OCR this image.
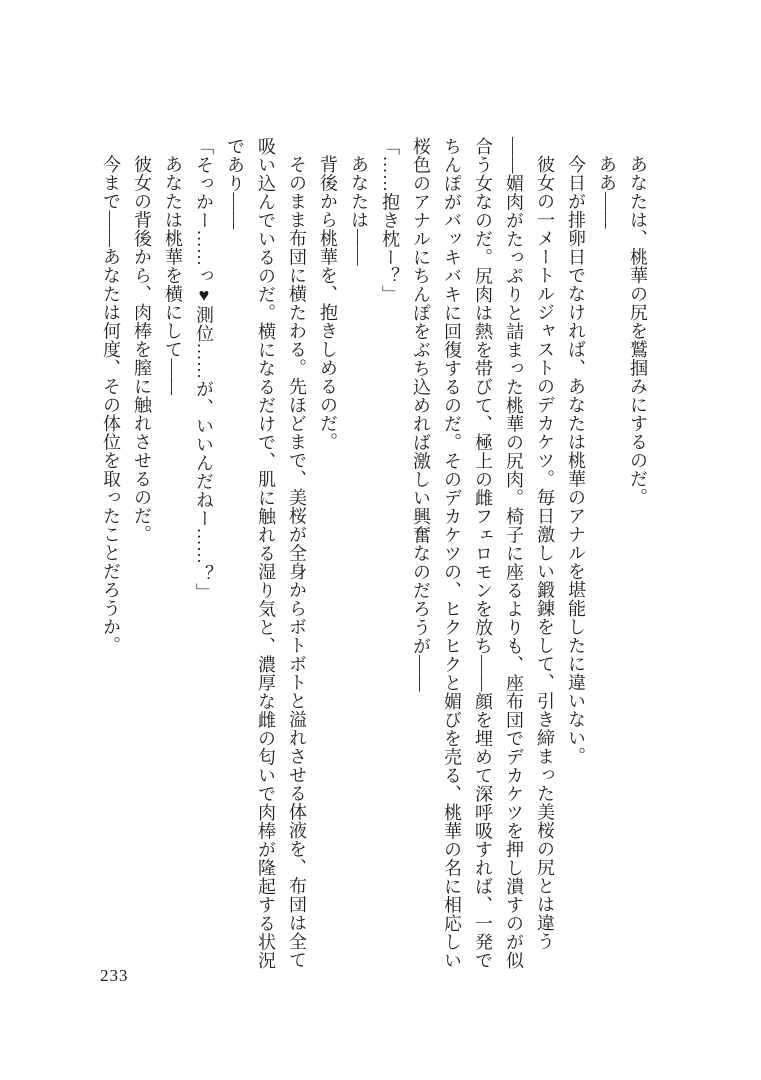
あなたは、桃華の尻を鷲掴みにするのだ。

ああ――

今日が排卵日でなければ、あなたは桃華のアナルを堪能したに違いない。

彼女の一メートルジャストのデカケツ。毎日激しい鍛錬をして、引き締まった美桜の尻とは違う――媚肉がたっぷりと詰まった桃華の尻肉。椅子に座るよりも、座布団でデカケツを押し潰すのが似合う女なのだ。尻肉は熱を帯びて、極上の雌フェロモンを放ち――顔を埋めて深呼吸すれば、一発でちんぽがバッキバキに回復するのだ。そのデカケツの、ヒクヒクと媚びを売る、桃華の名に相応しい桜色のアナルにちんぽをぶち込めれば激しい興奮なのだろうが――

「……抱き枕ー？」

あなたは――

背後から桃華を、抱きしめるのだ。

そのまま布団に横たわる。先ほどまで、美桜が全身からボトボトと溢れさせる体液を、布団は全て吸い込んでいるのだ。横になるだけで、肌に触れる湿り気と、濃厚な雌の匂いで肉棒が隆起する状況であり――

「そっかー……っ♥測位……が、いいんだねー……？」

あなたは桃華を横にして――

彼女の背後から、肉棒を膣に触れさせるのだ。

今まで――あなたは何度、その体位を取ったことだろうか。

233
